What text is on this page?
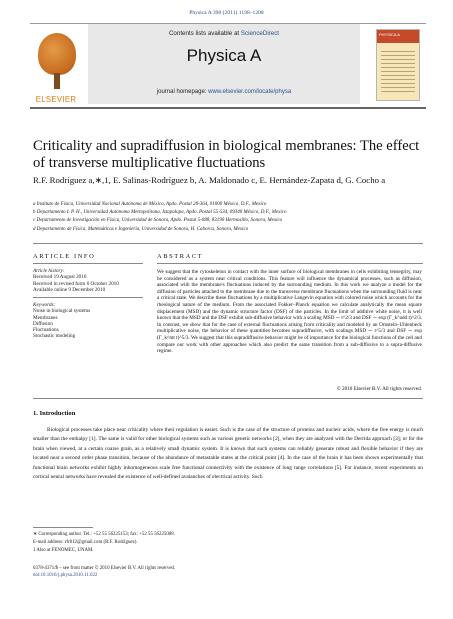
Physica A 390 (2011) 1198–1208
ELSEVIER
Contents lists available at ScienceDirect
Physica A
journal homepage: www.elsevier.com/locate/physa
PHYSICA A
Criticality and supradiffusion in biological membranes: The effect of transverse multiplicative fluctuations
R.F. Rodríguez a,∗,1, E. Salinas-Rodríguez b, A. Maldonado c, E. Hernández-Zapata d, G. Cocho a
a Instituto de Física, Universidad Nacional Autónoma de México, Apdo. Postal 20-364, 01000 México, D.F., Mexico
b Departamento I. P. H., Universidad Autónoma Metropolitana, Iztapalapa, Apdo. Postal 55-534, 09340 México, D.F., Mexico
c Departamento de Investigación en Física, Universidad de Sonora, Apdo. Postal 5-088, 83190 Hermosillo, Sonora, Mexico
d Departamento de Física, Matemáticas e Ingeniería, Universidad de Sonora, H. Caborca, Sonora, Mexico
ARTICLE INFO	ABSTRACT
Article history:
Received 19 August 2010
Received in revised form 6 October 2010
Available online 9 December 2010
Keywords:
Noise in biological systems
Membranes
Diffusion
Fluctuations
Stochastic modeling
We suggest that the cytoskeleton in contact with the inner surface of biological membranes in cells exhibiting tensegrity, may be considered as a system near critical conditions. This feature will influence the dynamical processes, such as diffusion, associated with the membrane's fluctuations induced by the surrounding medium. In this work we analyze a model for the diffusion of particles attached to the membrane due to the transverse membrane fluctuations when the surrounding fluid is near a critical state. We describe these fluctuations by a multiplicative Langevin equation with colored noise which accounts for the rheological nature of the medium. From the associated Fokker–Planck equation we calculate analytically the mean square displacement (MSD) and the dynamic structure factor (DSF) of the particles. In the limit of additive white noise, it is well known that the MSD and the DSF exhibit sub-diffusive behavior with a scaling MSD ∼ t^2/3 and DSF ∼ exp (Γ_k^add t)^2/3. In contrast, we show that for the case of external fluctuations arising from criticality and modeled by an Ornstein–Uhlenbeck multiplicative noise, the behavior of these quantities becomes supradiffusive, with scalings MSD ∼ t^5/3 and DSF ∼ exp (Γ_k^mt t)^5/3. We suggest that this supradiffusive behavior might be of importance for the biological functions of the cell and compare our work with other approaches which also predict the same transition from a sub-diffusive to a supra-diffusive regime.
© 2010 Elsevier B.V. All rights reserved.
1. Introduction
Biological processes take place near criticality where their regulation is easier. Such is the case of the structure of proteins and nucleic acids, where the free energy is much smaller than the enthalpy [1]. The same is valid for other biological systems such as various genetic networks [2], when they are analyzed with the Derrida approach [3]; or for the brain when viewed, at a certain coarse grain, as a relatively small dynamic system. It is known that such systems can reliably generate robust and flexible behavior if they are located near a second order phase transition, because of the abundance of metastable states at the critical point [4]. In the case of the brain it has been shown experimentally that functional brain networks exhibit highly inhomogeneous scale free functional connectivity with the existence of long range correlations [5]. For instance, recent experiments on cortical neural networks have revealed the existence of well-defined avalanches of electrical activity. Such
∗ Corresponding author. Tel.: +52 55 56225153; fax: +52 55 56225008.
E-mail address: rfr812@gmail.com (R.F. Rodríguez).
1 Also at FENOMEC, UNAM.
0378-4371/$ – see front matter © 2010 Elsevier B.V. All rights reserved.
doi:10.1016/j.physa.2010.11.022
